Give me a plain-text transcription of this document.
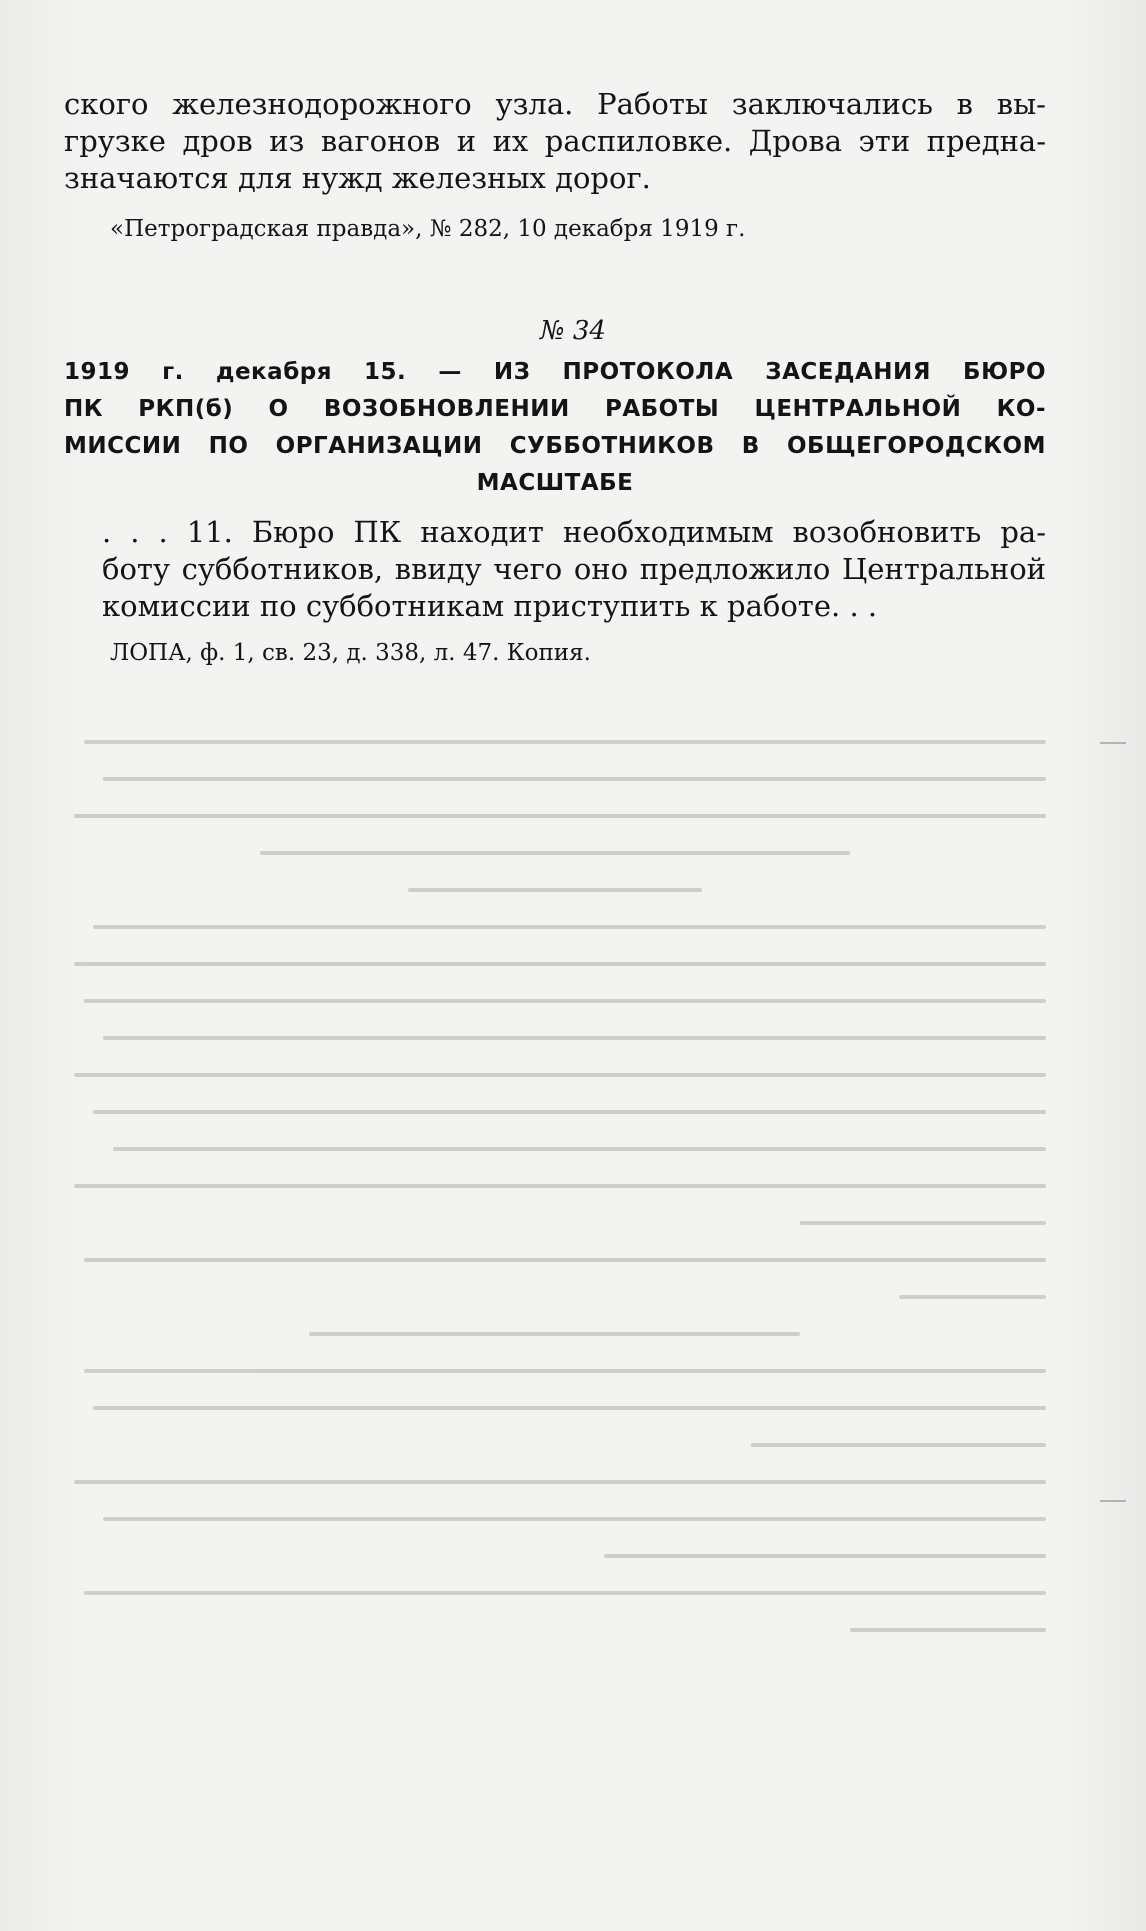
ского железнодорожного узла. Работы заключались в вы-
грузке дров из вагонов и их распиловке. Дрова эти предна-
значаются для нужд железных дорог.

«Петроградская правда», № 282, 10 декабря 1919 г.
№ 34
1919 г. декабря 15. — ИЗ ПРОТОКОЛА ЗАСЕДАНИЯ БЮРО
ПК РКП(б) О ВОЗОБНОВЛЕНИИ РАБОТЫ ЦЕНТРАЛЬНОЙ КО-
МИССИИ ПО ОРГАНИЗАЦИИ СУББОТНИКОВ В ОБЩЕГОРОДСКОМ
МАСШТАБЕ

. . . 11. Бюро ПК находит необходимым возобновить ра-
боту субботников, ввиду чего оно предложило Центральной
комиссии по субботникам приступить к работе. . .

ЛОПА, ф. 1, св. 23, д. 338, л. 47. Копия.
